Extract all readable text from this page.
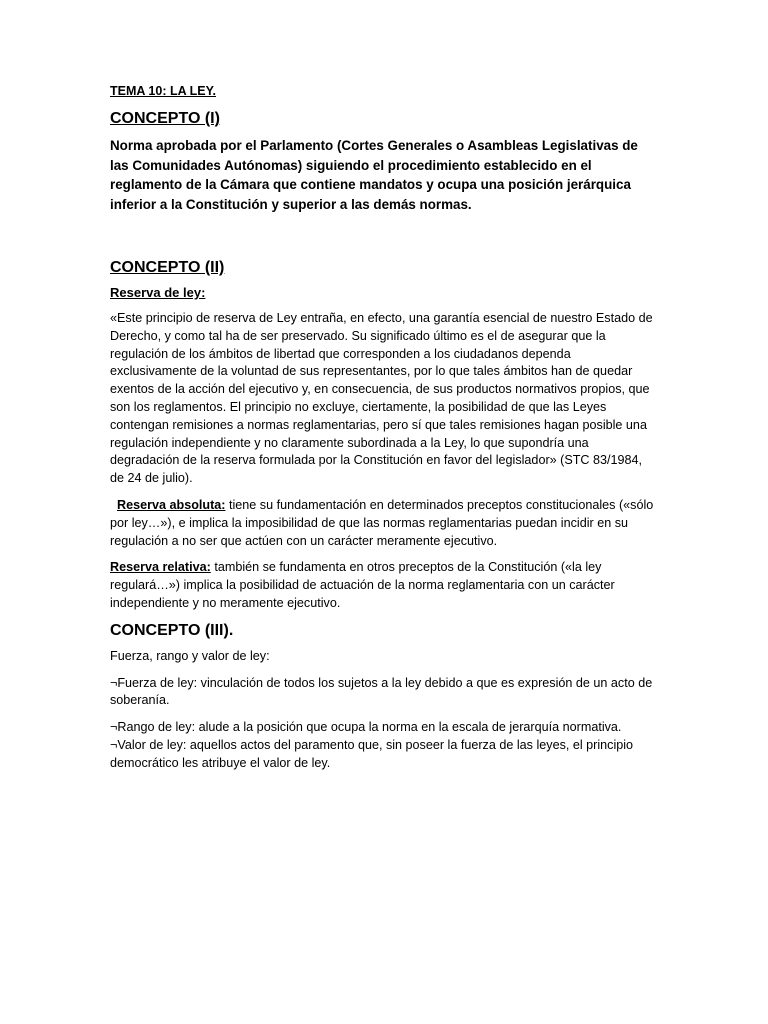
TEMA 10: LA LEY.
CONCEPTO (I)
Norma aprobada por el Parlamento (Cortes Generales o Asambleas Legislativas de las Comunidades Autónomas) siguiendo el procedimiento establecido en el reglamento de la Cámara que contiene mandatos y ocupa una posición jerárquica inferior a la Constitución y superior a las demás normas.
CONCEPTO (II)
Reserva de ley:

«Este principio de reserva de Ley entraña, en efecto, una garantía esencial de nuestro Estado de Derecho, y como tal ha de ser preservado. Su significado último es el de asegurar que la regulación de los ámbitos de libertad que corresponden a los ciudadanos dependa exclusivamente de la voluntad de sus representantes, por lo que tales ámbitos han de quedar exentos de la acción del ejecutivo y, en consecuencia, de sus productos normativos propios, que son los reglamentos. El principio no excluye, ciertamente, la posibilidad de que las Leyes contengan remisiones a normas reglamentarias, pero sí que tales remisiones hagan posible una regulación independiente y no claramente subordinada a la Ley, lo que supondría una degradación de la reserva formulada por la Constitución en favor del legislador» (STC 83/1984, de 24 de julio).

Reserva absoluta: tiene su fundamentación en determinados preceptos constitucionales («sólo por ley…»), e implica la imposibilidad de que las normas reglamentarias puedan incidir en su regulación a no ser que actúen con un carácter meramente ejecutivo.

Reserva relativa: también se fundamenta en otros preceptos de la Constitución («la ley regulará…») implica la posibilidad de actuación de la norma reglamentaria con un carácter independiente y no meramente ejecutivo.

CONCEPTO (III).

Fuerza, rango y valor de ley:

¬Fuerza de ley: vinculación de todos los sujetos a la ley debido a que es expresión de un acto de soberanía.

¬Rango de ley: alude a la posición que ocupa la norma en la escala de jerarquía normativa.

¬Valor de ley: aquellos actos del paramento que, sin poseer la fuerza de las leyes, el principio democrático les atribuye el valor de ley.
